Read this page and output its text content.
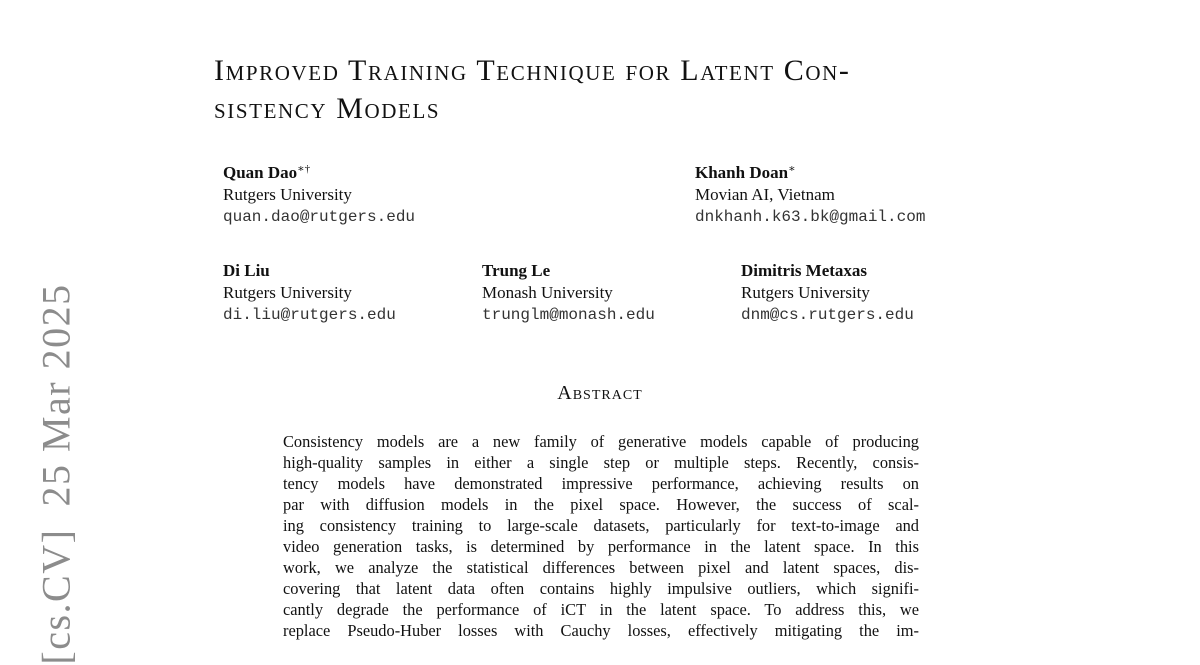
Improved Training Technique for Latent Con-
sistency Models
Quan Dao∗†
Rutgers University
quan.dao@rutgers.edu
Khanh Doan∗
Movian AI, Vietnam
dnkhanh.k63.bk@gmail.com
Di Liu
Rutgers University
di.liu@rutgers.edu
Trung Le
Monash University
trunglm@monash.edu
Dimitris Metaxas
Rutgers University
dnm@cs.rutgers.edu
Abstract
Consistency models are a new family of generative models capable of producing
high-quality samples in either a single step or multiple steps. Recently, consis-
tency models have demonstrated impressive performance, achieving results on
par with diffusion models in the pixel space. However, the success of scal-
ing consistency training to large-scale datasets, particularly for text-to-image and
video generation tasks, is determined by performance in the latent space. In this
work, we analyze the statistical differences between pixel and latent spaces, dis-
covering that latent data often contains highly impulsive outliers, which signifi-
cantly degrade the performance of iCT in the latent space. To address this, we
replace Pseudo-Huber losses with Cauchy losses, effectively mitigating the im-
[cs.CV]25 Mar 2025
